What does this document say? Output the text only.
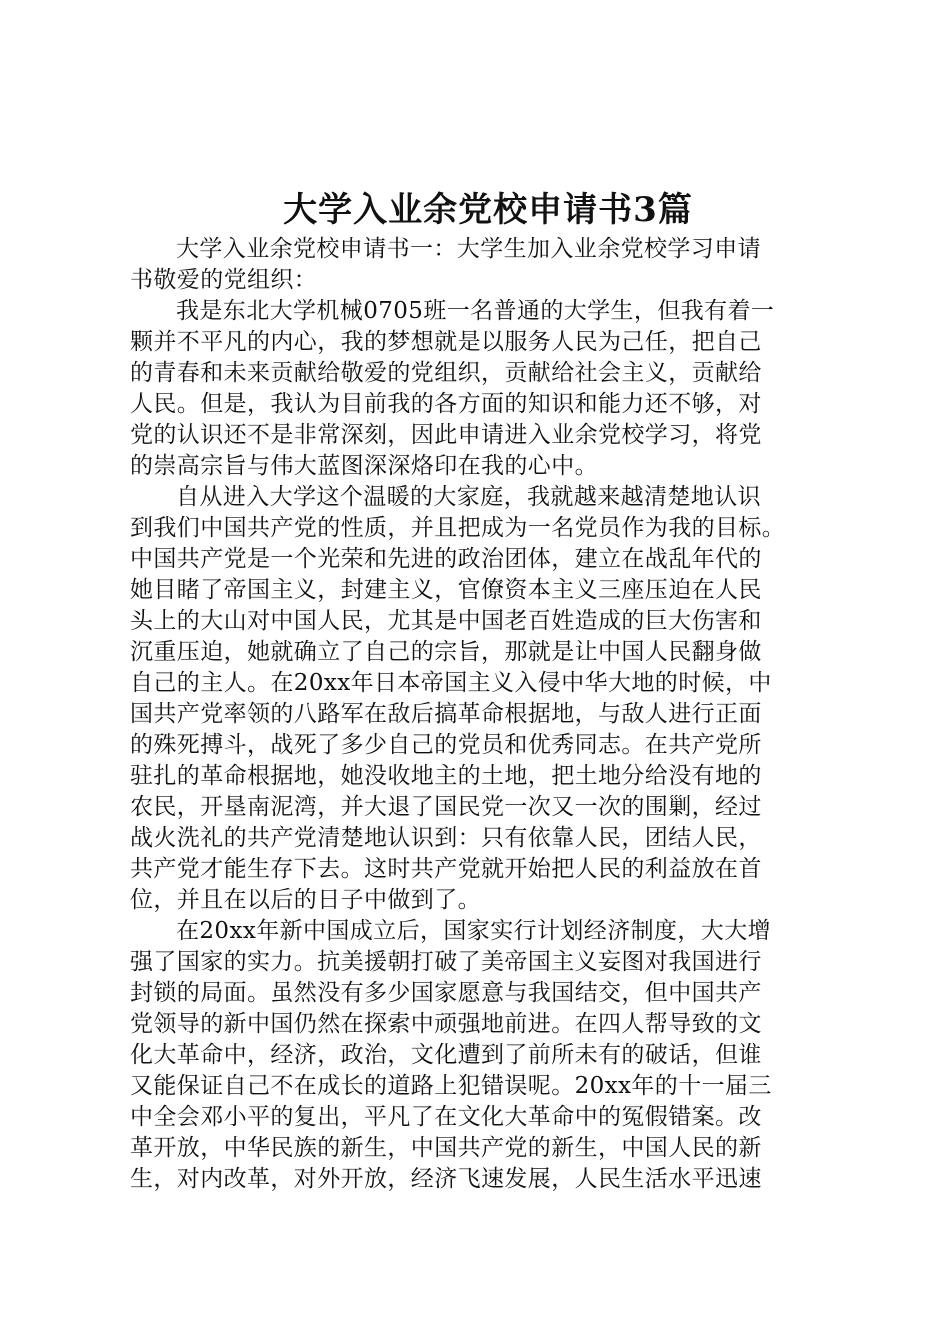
大学入业余党校申请书3篇

大学入业余党校申请书一：大学生加入业余党校学习申请
书敬爱的党组织：

我是东北大学机械0705班一名普通的大学生，但我有着一
颗并不平凡的内心，我的梦想就是以服务人民为己任，把自己
的青春和未来贡献给敬爱的党组织，贡献给社会主义，贡献给
人民。但是，我认为目前我的各方面的知识和能力还不够，对
党的认识还不是非常深刻，因此申请进入业余党校学习，将党
的崇高宗旨与伟大蓝图深深烙印在我的心中。

自从进入大学这个温暖的大家庭，我就越来越清楚地认识
到我们中国共产党的性质，并且把成为一名党员作为我的目标。
中国共产党是一个光荣和先进的政治团体，建立在战乱年代的
她目睹了帝国主义，封建主义，官僚资本主义三座压迫在人民
头上的大山对中国人民，尤其是中国老百姓造成的巨大伤害和
沉重压迫，她就确立了自己的宗旨，那就是让中国人民翻身做
自己的主人。在20xx年日本帝国主义入侵中华大地的时候，中
国共产党率领的八路军在敌后搞革命根据地，与敌人进行正面
的殊死搏斗，战死了多少自己的党员和优秀同志。在共产党所
驻扎的革命根据地，她没收地主的土地，把土地分给没有地的
农民，开垦南泥湾，并大退了国民党一次又一次的围剿，经过
战火洗礼的共产党清楚地认识到：只有依靠人民，团结人民，
共产党才能生存下去。这时共产党就开始把人民的利益放在首
位，并且在以后的日子中做到了。

在20xx年新中国成立后，国家实行计划经济制度，大大增
强了国家的实力。抗美援朝打破了美帝国主义妄图对我国进行
封锁的局面。虽然没有多少国家愿意与我国结交，但中国共产
党领导的新中国仍然在探索中顽强地前进。在四人帮导致的文
化大革命中，经济，政治，文化遭到了前所未有的破话，但谁
又能保证自己不在成长的道路上犯错误呢。20xx年的十一届三
中全会邓小平的复出，平凡了在文化大革命中的冤假错案。改
革开放，中华民族的新生，中国共产党的新生，中国人民的新
生，对内改革，对外开放，经济飞速发展，人民生活水平迅速
